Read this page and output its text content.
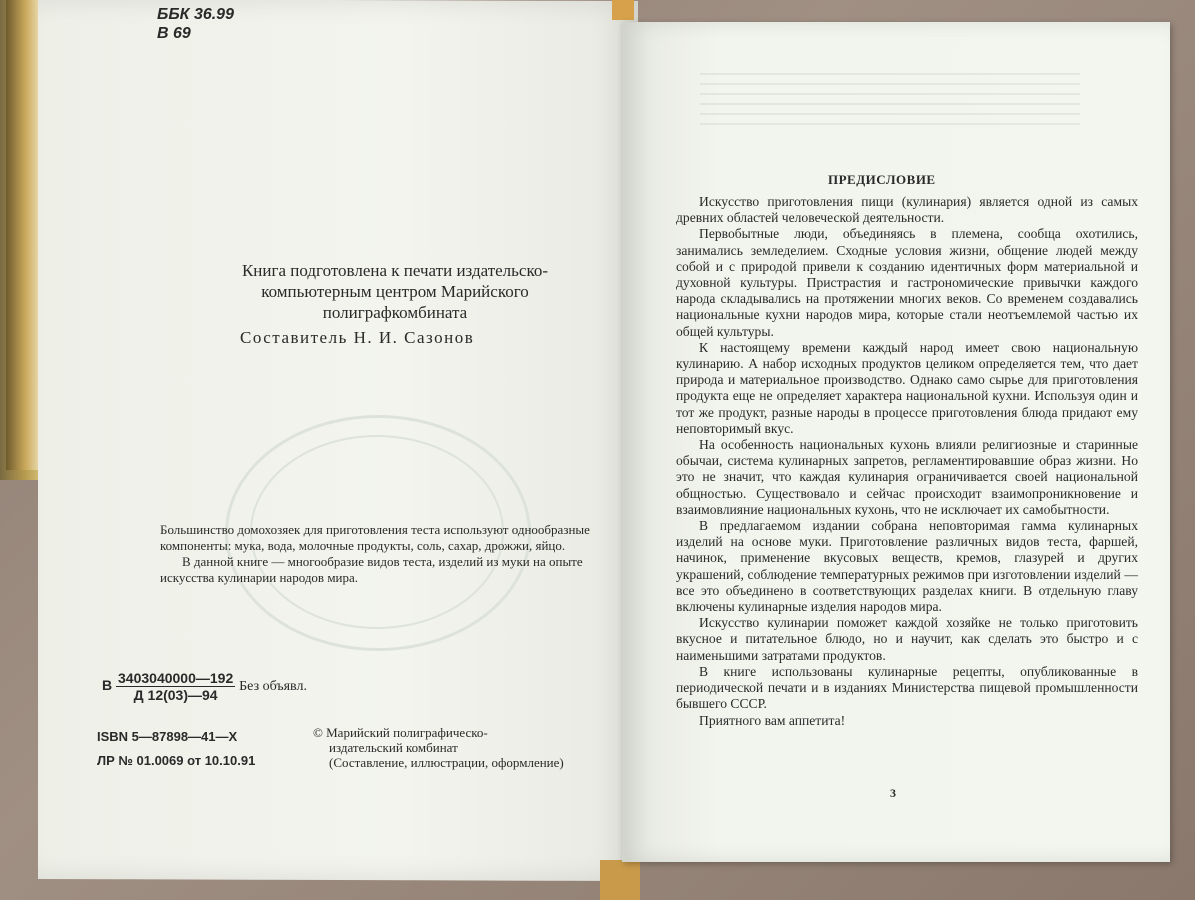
ББК 36.99
В 69
Книга подготовлена к печати издательско-компьютерным центром Марийского полиграфкомбината
Составитель Н. И. Сазонов

Большинство домохозяек для приготовления теста используют однообразные компоненты: мука, вода, молочные продукты, соль, сахар, дрожжи, яйцо.

В данной книге — многообразие видов теста, изделий из муки на опыте искусства кулинарии народов мира.

В 3403040000—192
Д 12(03)—94
Без объявл.
ISBN 5—87898—41—X
ЛР № 01.0069 от 10.10.91
© Марийский полиграфическо-
издательский комбинат
(Составление, иллюстрации, оформление)
ПРЕДИСЛОВИЕ

Искусство приготовления пищи (кулинария) является одной из самых древних областей человеческой деятельности.

Первобытные люди, объединяясь в племена, сообща охотились, занимались земледелием. Сходные условия жизни, общение людей между собой и с природой привели к созданию идентичных форм материальной и духовной культуры. Пристрастия и гастрономические привычки каждого народа складывались на протяжении многих веков. Со временем создавались национальные кухни народов мира, которые стали неотъемлемой частью их общей культуры.

К настоящему времени каждый народ имеет свою национальную кулинарию. А набор исходных продуктов целиком определяется тем, что дает природа и материальное производство. Однако само сырье для приготовления продукта еще не определяет характера национальной кухни. Используя один и тот же продукт, разные народы в процессе приготовления блюда придают ему неповторимый вкус.

На особенность национальных кухонь влияли религиозные и старинные обычаи, система кулинарных запретов, регламентировавшие образ жизни. Но это не значит, что каждая кулинария ограничивается своей национальной общностью. Существовало и сейчас происходит взаимопроникновение и взаимовлияние национальных кухонь, что не исключает их самобытности.

В предлагаемом издании собрана неповторимая гамма кулинарных изделий на основе муки. Приготовление различных видов теста, фаршей, начинок, применение вкусовых веществ, кремов, глазурей и других украшений, соблюдение температурных режимов при изготовлении изделий — все это объединено в соответствующих разделах книги. В отдельную главу включены кулинарные изделия народов мира.

Искусство кулинарии поможет каждой хозяйке не только приготовить вкусное и питательное блюдо, но и научит, как сделать это быстро и с наименьшими затратами продуктов.

В книге использованы кулинарные рецепты, опубликованные в периодической печати и в изданиях Министерства пищевой промышленности бывшего СССР.

Приятного вам аппетита!

3
